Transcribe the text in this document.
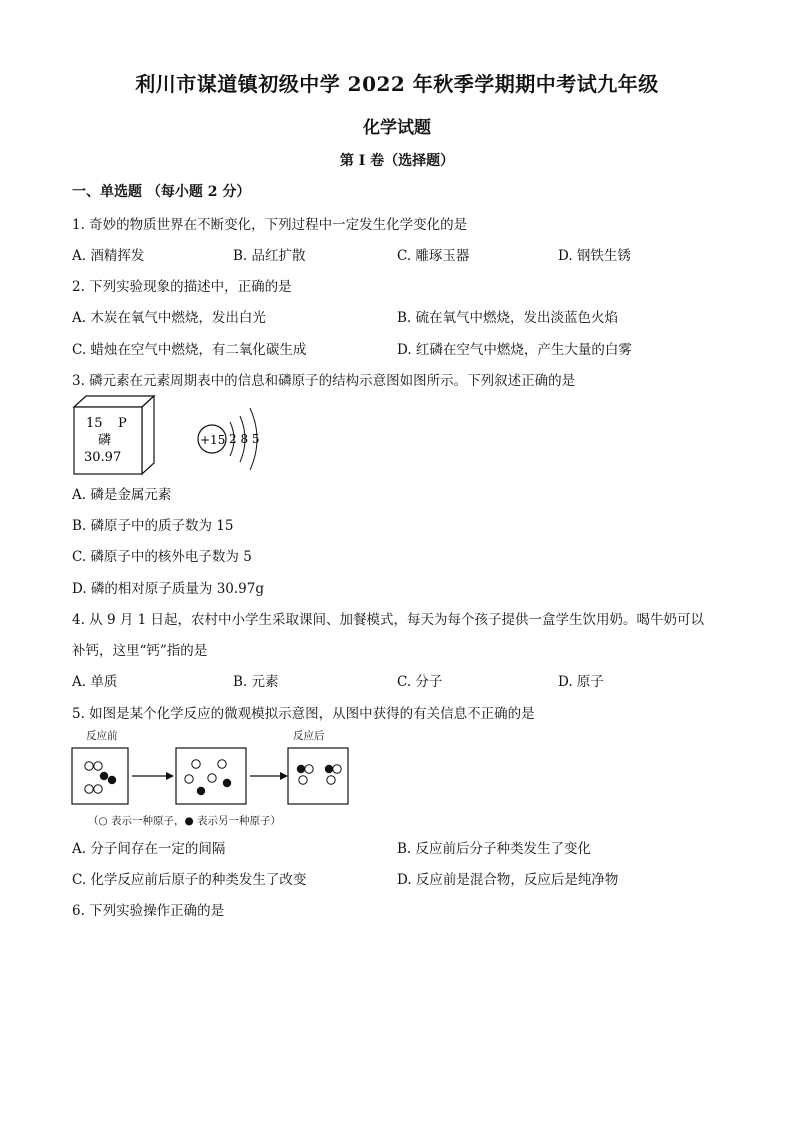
利川市谋道镇初级中学 2022 年秋季学期期中考试九年级
化学试题
第 I 卷（选择题）
一、单选题 （每小题 2 分）
1. 奇妙的物质世界在不断变化，下列过程中一定发生化学变化的是
A. 酒精挥发	B. 品红扩散	C. 雕琢玉器	D. 钢铁生锈
2. 下列实验现象的描述中，正确的是
A. 木炭在氧气中燃烧，发出白光	B. 硫在氧气中燃烧，发出淡蓝色火焰
C. 蜡烛在空气中燃烧，有二氧化碳生成	D. 红磷在空气中燃烧，产生大量的白雾
3. 磷元素在元素周期表中的信息和磷原子的结构示意图如图所示。下列叙述正确的是
15 P
磷
30.97
+15 2 8 5
A. 磷是金属元素
B. 磷原子中的质子数为 15
C. 磷原子中的核外电子数为 5
D. 磷的相对原子质量为 30.97g
4. 从 9 月 1 日起，农村中小学生采取课间、加餐模式，每天为每个孩子提供一盒学生饮用奶。喝牛奶可以
补钙，这里“钙”指的是
A. 单质	B. 元素	C. 分子	D. 原子
5. 如图是某个化学反应的微观模拟示意图，从图中获得的有关信息不正确的是
反应前	反应后
（○ 表示一种原子，● 表示另一种原子）
A. 分子间存在一定的间隔	B. 反应前后分子种类发生了变化
C. 化学反应前后原子的种类发生了改变	D. 反应前是混合物，反应后是纯净物
6. 下列实验操作正确的是
